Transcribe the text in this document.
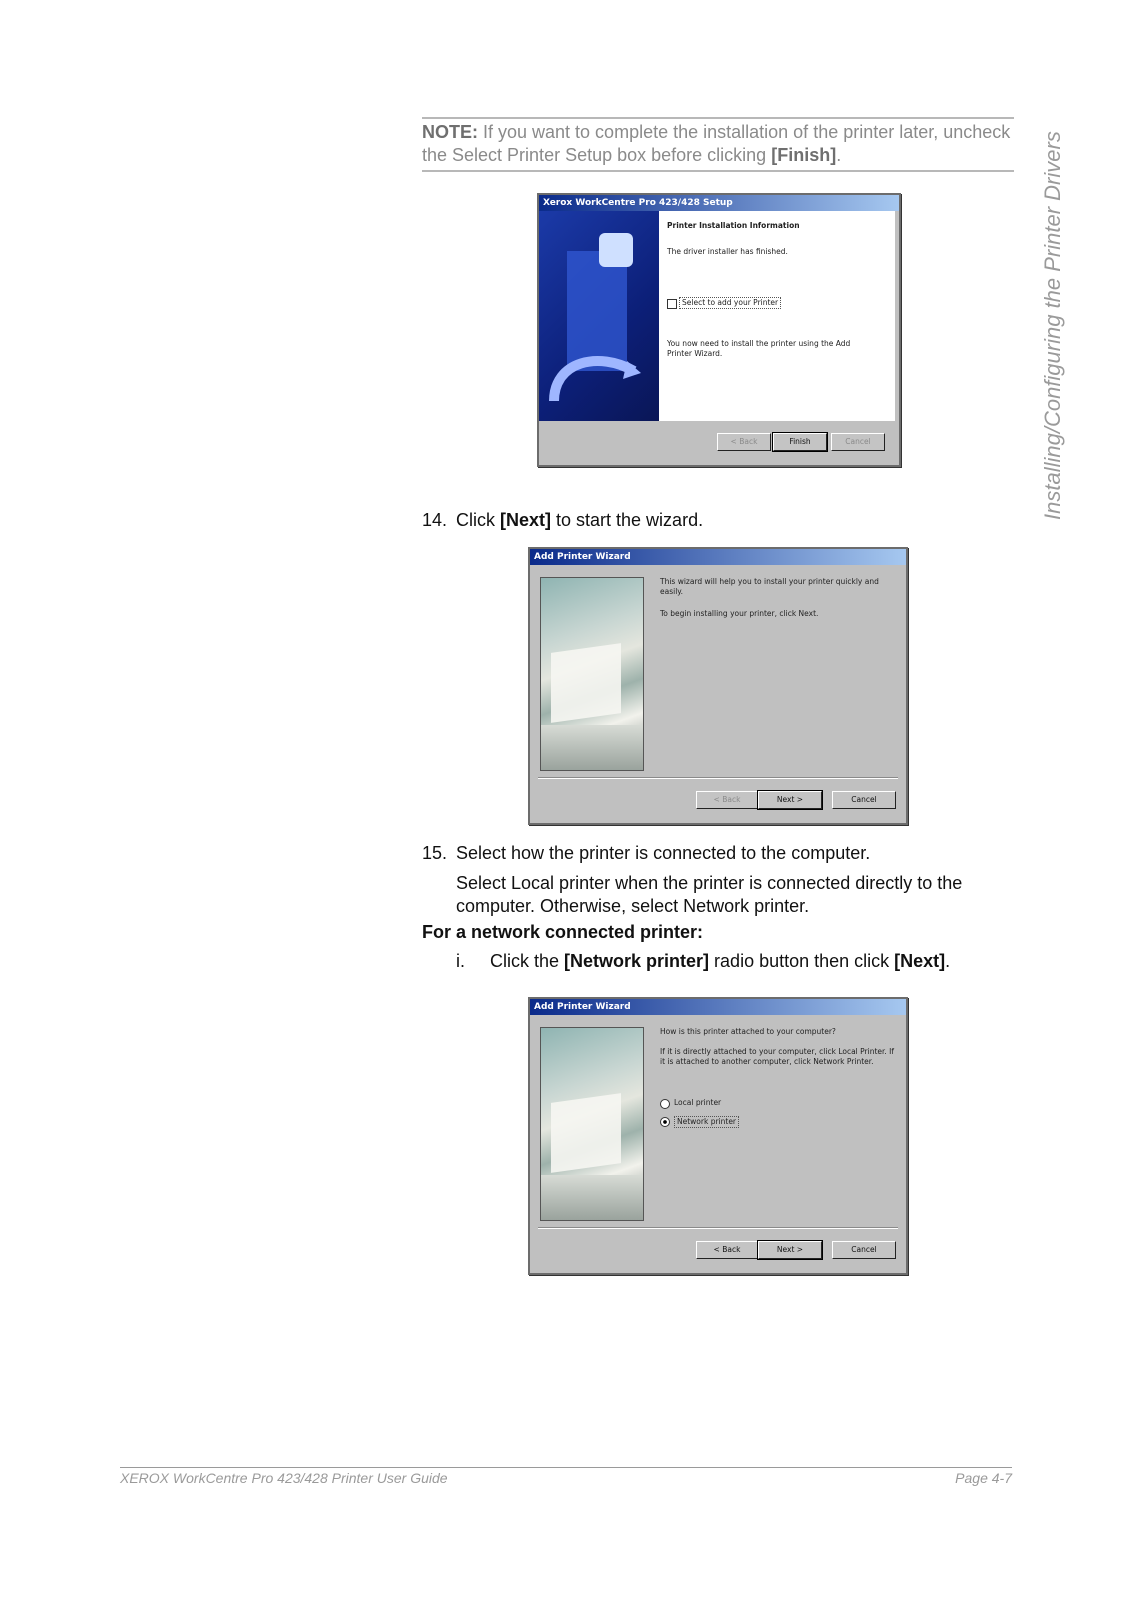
NOTE: If you want to complete the installation of the printer later, uncheck the Select Printer Setup box before clicking [Finish].	Installing/Configuring the Printer Drivers
Xerox WorkCentre Pro 423/428 Setup
Printer Installation Information
The driver installer has finished.
Select to add your Printer
You now need to install the printer using the Add Printer Wizard.
< Back	Finish	Cancel
14. Click [Next] to start the wizard.
Add Printer Wizard
This wizard will help you to install your printer quickly and easily.
To begin installing your printer, click Next.
< Back	Next >	Cancel
15. Select how the printer is connected to the computer.
Select Local printer when the printer is connected directly to the computer. Otherwise, select Network printer.
For a network connected printer:
i. Click the [Network printer] radio button then click [Next].
Add Printer Wizard
How is this printer attached to your computer?
If it is directly attached to your computer, click Local Printer. If it is attached to another computer, click Network Printer.
Local printer
Network printer
< Back	Next >	Cancel
XEROX WorkCentre Pro 423/428 Printer User Guide	Page 4-7
